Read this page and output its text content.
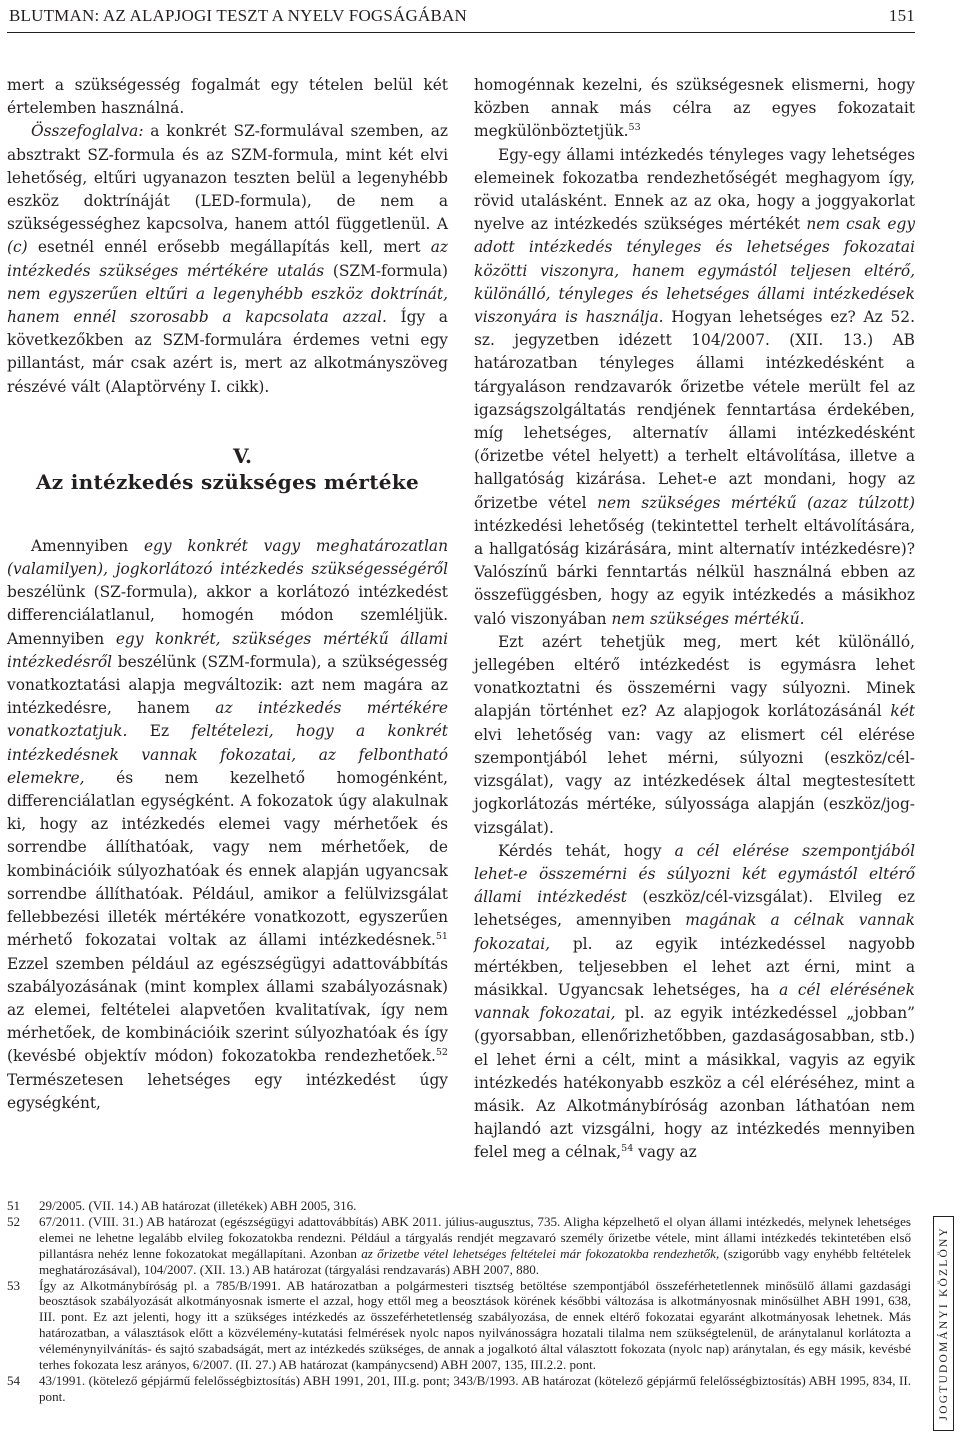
BLUTMAN: AZ ALAPJOGI TESZT A NYELV FOGSÁGÁBAN	151

mert a szükségesség fogalmát egy tételen belül két értelemben használná.

Összefoglalva: a konkrét SZ-formulával szemben, az absztrakt SZ-formula és az SZM-formula, mint két elvi lehetőség, eltűri ugyanazon teszten belül a legenyhébb eszköz doktrínáját (LED-formula), de nem a szükségességhez kapcsolva, hanem attól függetlenül. A (c) esetnél ennél erősebb megállapítás kell, mert az intézkedés szükséges mértékére utalás (SZM-formula) nem egyszerűen eltűri a legenyhébb eszköz doktrínát, hanem ennél szorosabb a kapcsolata azzal. Így a következőkben az SZM-formulára érdemes vetni egy pillantást, már csak azért is, mert az alkotmányszöveg részévé vált (Alaptörvény I. cikk).

V.
Az intézkedés szükséges mértéke

Amennyiben egy konkrét vagy meghatározatlan (valamilyen), jogkorlátozó intézkedés szükségességéről beszélünk (SZ-formula), akkor a korlátozó intézkedést differenciálatlanul, homogén módon szemléljük. Amennyiben egy konkrét, szükséges mértékű állami intézkedésről beszélünk (SZM-formula), a szükségesség vonatkoztatási alapja megváltozik: azt nem magára az intézkedésre, hanem az intézkedés mértékére vonatkoztatjuk. Ez feltételezi, hogy a konkrét intézkedésnek vannak fokozatai, az felbontható elemekre, és nem kezelhető homogénként, differenciálatlan egységként. A fokozatok úgy alakulnak ki, hogy az intézkedés elemei vagy mérhetőek és sorrendbe állíthatóak, vagy nem mérhetőek, de kombinációik súlyozhatóak és ennek alapján ugyancsak sorrendbe állíthatóak. Például, amikor a felülvizsgálat fellebbezési illeték mértékére vonatkozott, egyszerűen mérhető fokozatai voltak az állami intézkedésnek.$^{51}$ Ezzel szemben például az egészségügyi adattovábbítás szabályozásának (mint komplex állami szabályozásnak) az elemei, feltételei alapvetően kvalitatívak, így nem mérhetőek, de kombinációik szerint súlyozhatóak és így (kevésbé objektív módon) fokozatokba rendezhetőek.$^{52}$ Természetesen lehetséges egy intézkedést úgy egységként,

homogénnak kezelni, és szükségesnek elismerni, hogy közben annak más célra az egyes fokozatait megkülönböztetjük.$^{53}$

Egy-egy állami intézkedés tényleges vagy lehetséges elemeinek fokozatba rendezhetőségét meghagyom így, rövid utalásként. Ennek az az oka, hogy a joggyakorlat nyelve az intézkedés szükséges mértékét nem csak egy adott intézkedés tényleges és lehetséges fokozatai közötti viszonyra, hanem egymástól teljesen eltérő, különálló, tényleges és lehetséges állami intézkedések viszonyára is használja. Hogyan lehetséges ez? Az 52. sz. jegyzetben idézett 104/2007. (XII. 13.) AB határozatban tényleges állami intézkedésként a tárgyaláson rendzavarók őrizetbe vétele merült fel az igazságszolgáltatás rendjének fenntartása érdekében, míg lehetséges, alternatív állami intézkedésként (őrizetbe vétel helyett) a terhelt eltávolítása, illetve a hallgatóság kizárása. Lehet-e azt mondani, hogy az őrizetbe vétel nem szükséges mértékű (azaz túlzott) intézkedési lehetőség (tekintettel terhelt eltávolítására, a hallgatóság kizárására, mint alternatív intézkedésre)? Valószínű bárki fenntartás nélkül használná ebben az összefüggésben, hogy az egyik intézkedés a másikhoz való viszonyában nem szükséges mértékű.

Ezt azért tehetjük meg, mert két különálló, jellegében eltérő intézkedést is egymásra lehet vonatkoztatni és összemérni vagy súlyozni. Minek alapján történhet ez? Az alapjogok korlátozásánál két elvi lehetőség van: vagy az elismert cél elérése szempontjából lehet mérni, súlyozni (eszköz/cél-vizsgálat), vagy az intézkedések által megtestesített jogkorlátozás mértéke, súlyossága alapján (eszköz/jog-vizsgálat).

Kérdés tehát, hogy a cél elérése szempontjából lehet-e összemérni és súlyozni két egymástól eltérő állami intézkedést (eszköz/cél-vizsgálat). Elvileg ez lehetséges, amennyiben magának a célnak vannak fokozatai, pl. az egyik intézkedéssel nagyobb mértékben, teljesebben el lehet azt érni, mint a másikkal. Ugyancsak lehetséges, ha a cél elérésének vannak fokozatai, pl. az egyik intézkedéssel „jobban” (gyorsabban, ellenőrizhetőbben, gazdaságosabban, stb.) el lehet érni a célt, mint a másikkal, vagyis az egyik intézkedés hatékonyabb eszköz a cél eléréséhez, mint a másik. Az Alkotmánybíróság azonban láthatóan nem hajlandó azt vizsgálni, hogy az intézkedés mennyiben felel meg a célnak,$^{54}$ vagy az

51	29/2005. (VII. 14.) AB határozat (illetékek) ABH 2005, 316.
52	67/2011. (VIII. 31.) AB határozat (egészségügyi adattovábbítás) ABK 2011. július-augusztus, 735. Aligha képzelhető el olyan állami intézkedés, melynek lehetséges elemei ne lehetne legalább elvileg fokozatokba rendezni. Például a tárgyalás rendjét megzavaró személy őrizetbe vétele, mint állami intézkedés tekintetében első pillantásra nehéz lenne fokozatokat megállapítani. Azonban az őrizetbe vétel lehetséges feltételei már fokozatokba rendezhetők, (szigorúbb vagy enyhébb feltételek meghatározásával), 104/2007. (XII. 13.) AB határozat (tárgyalási rendzavarás) ABH 2007, 880.
53	Így az Alkotmánybíróság pl. a 785/B/1991. AB határozatban a polgármesteri tisztség betöltése szempontjából összeférhetetlennek minősülő állami gazdasági beosztások szabályozását alkotmányosnak ismerte el azzal, hogy ettől meg a beosztások körének későbbi változása is alkotmányosnak minősülhet ABH 1991, 638, III. pont. Ez azt jelenti, hogy itt a szükséges intézkedés az összeférhetetlenség szabályozása, de ennek eltérő fokozatai egyaránt alkotmányosak lehetnek. Más határozatban, a választások előtt a közvélemény-kutatási felmérések nyolc napos nyilvánosságra hozatali tilalma nem szükségtelenül, de aránytalanul korlátozta a véleménynyilvánítás- és sajtó szabadságát, mert az intézkedés szükséges, de annak a jogalkotó által választott fokozata (nyolc nap) aránytalan, és egy másik, kevésbé terhes fokozata lesz arányos, 6/2007. (II. 27.) AB határozat (kampánycsend) ABH 2007, 135, III.2.2. pont.
54	43/1991. (kötelező gépjármű felelősségbiztosítás) ABH 1991, 201, III.g. pont; 343/B/1993. AB határozat (kötelező gépjármű felelősségbiztosítás) ABH 1995, 834, II. pont.	JOGTUDOMÁNYI KÖZLÖNY
